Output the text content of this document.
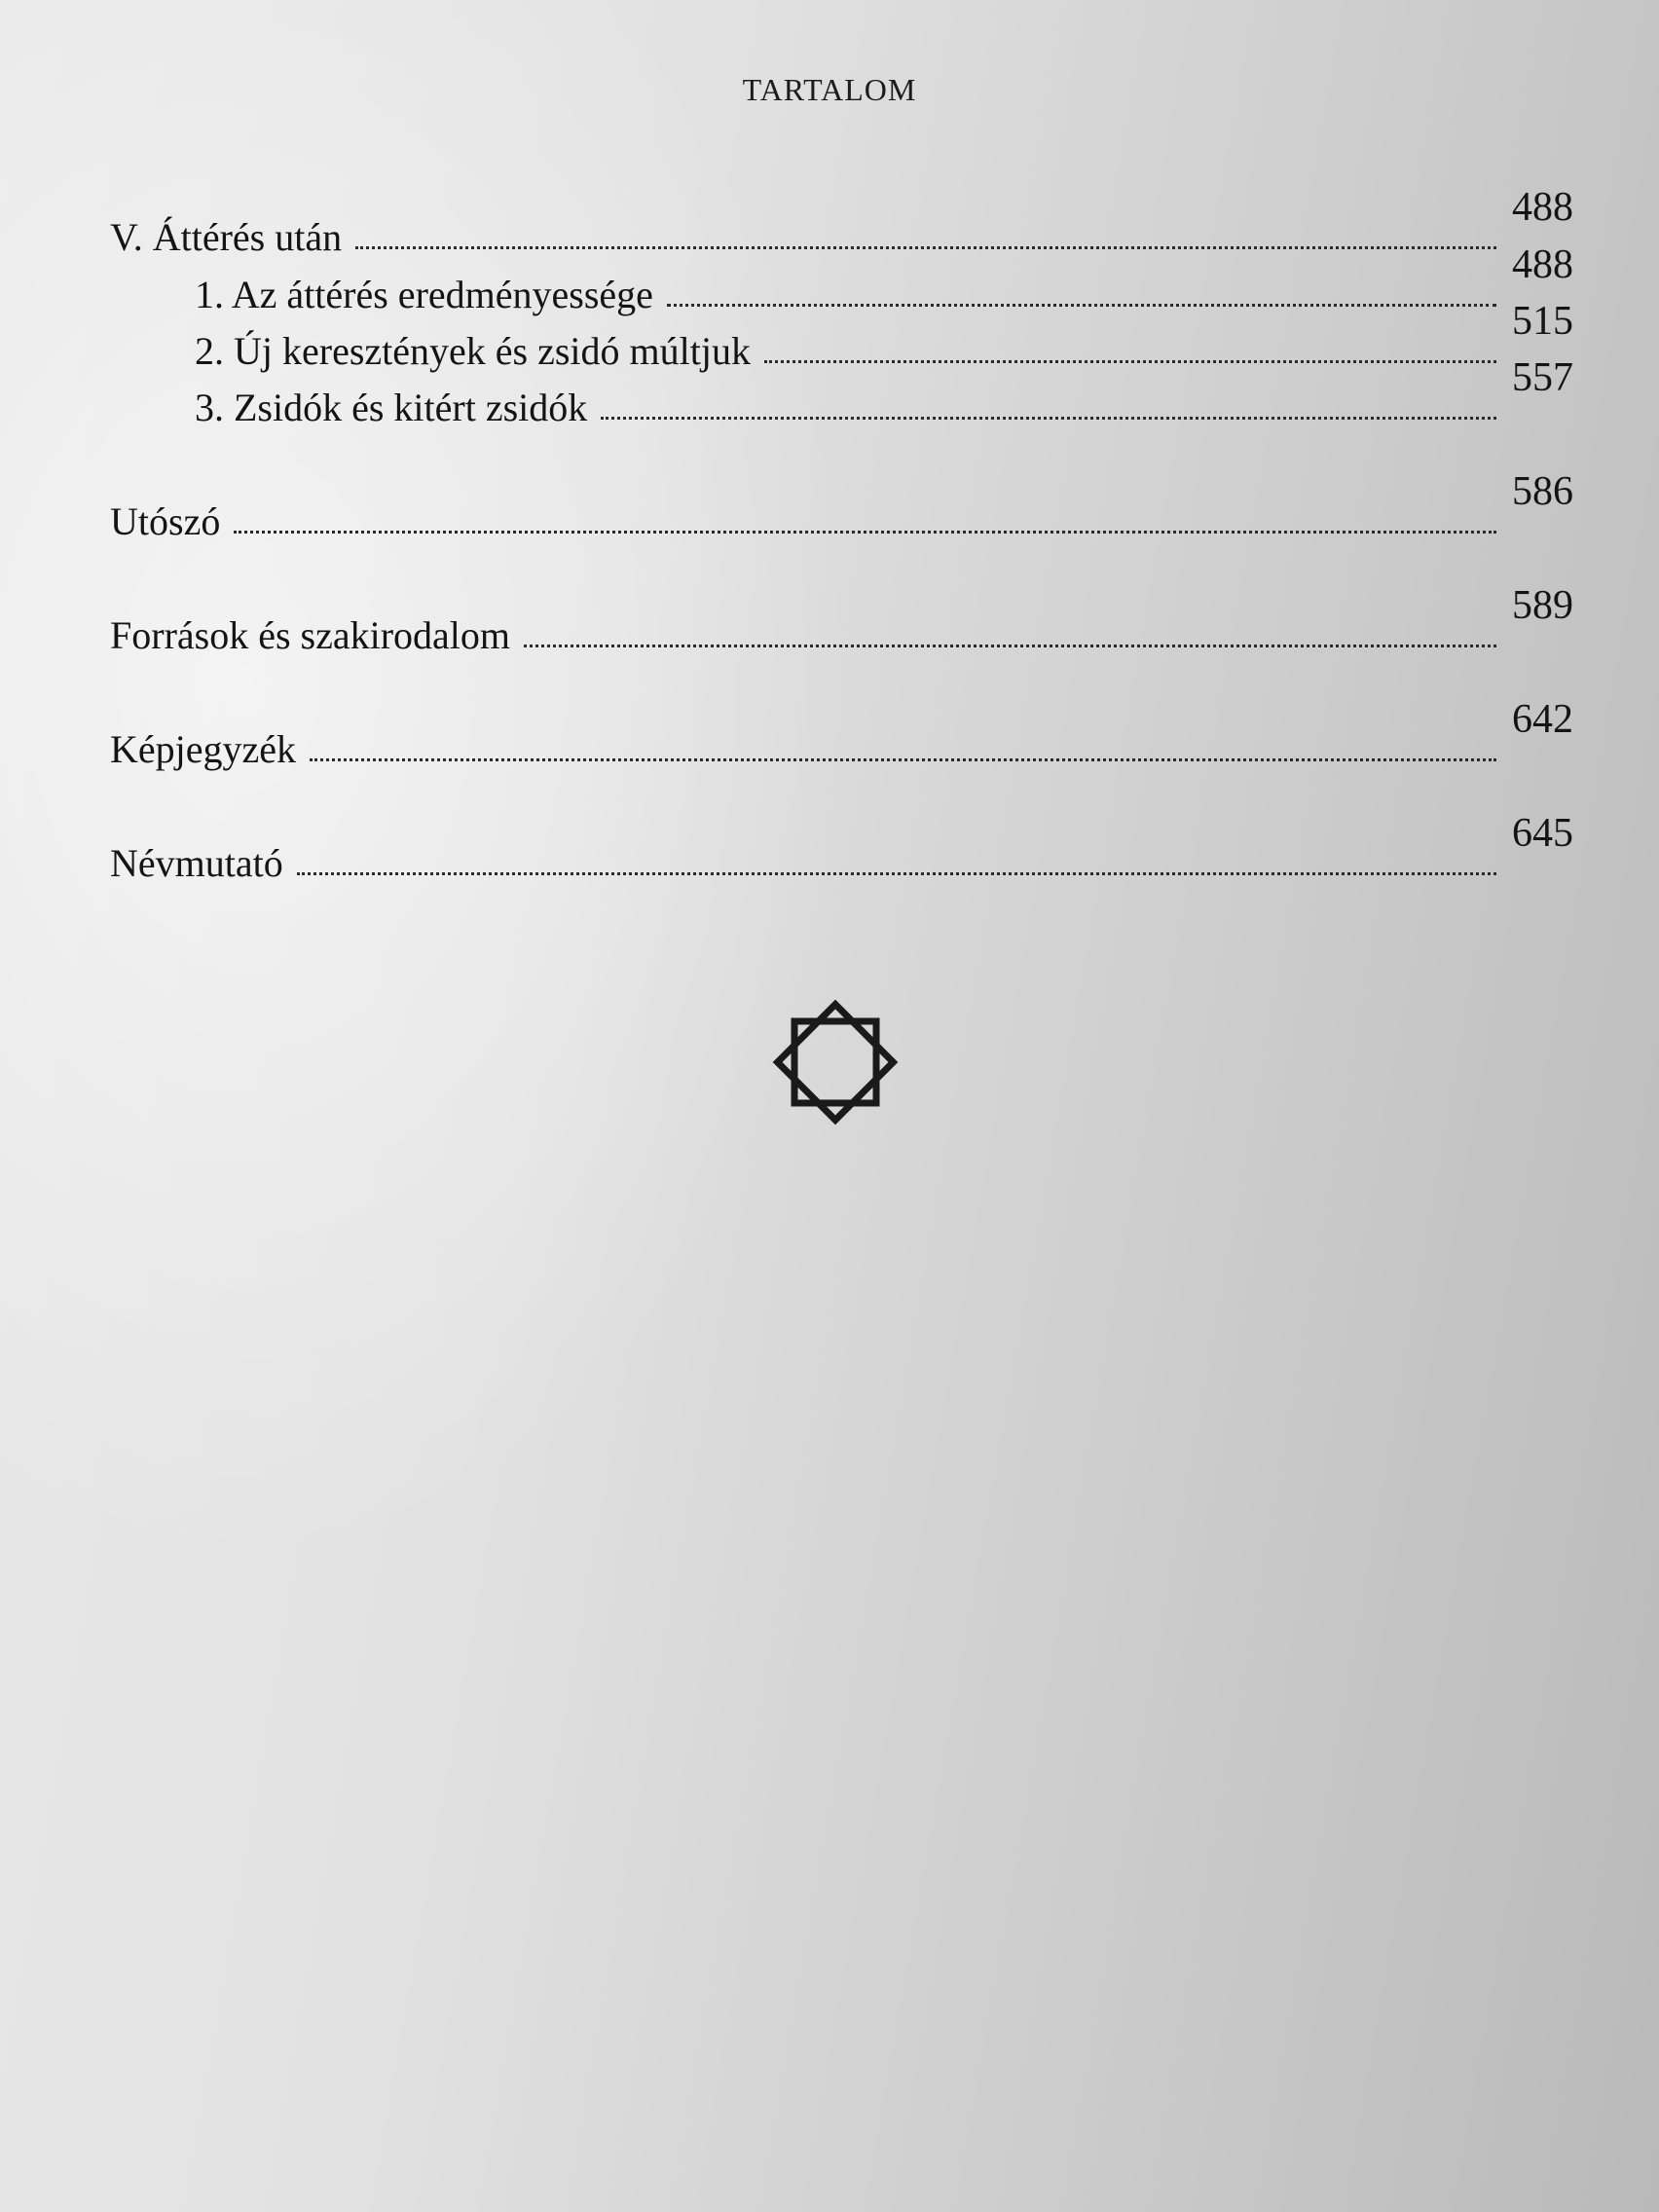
TARTALOM
V. Áttérés után
488
1. Az áttérés eredményessége
488
2. Új keresztények és zsidó múltjuk
515
3. Zsidók és kitért zsidók
557
Utószó
586
Források és szakirodalom
589
Képjegyzék
642
Névmutató
645
